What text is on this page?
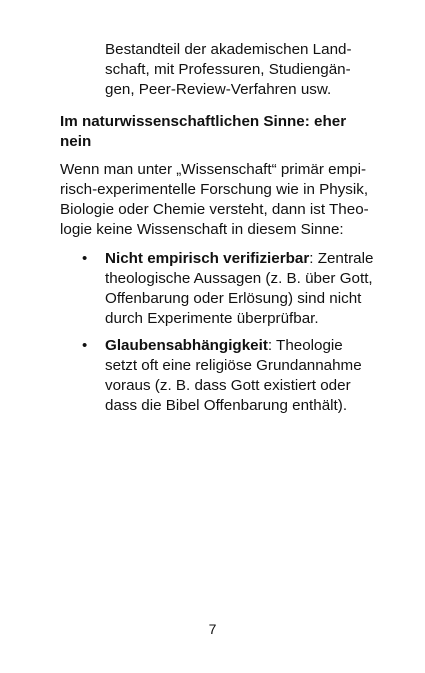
Bestandteil der akademischen Land-
schaft, mit Professuren, Studiengän-
gen, Peer-Review-Verfahren usw.
Im naturwissenschaftlichen Sinne: eher
nein
Wenn man unter „Wissenschaft“ primär empi-
risch-experimentelle Forschung wie in Physik,
Biologie oder Chemie versteht, dann ist Theo-
logie keine Wissenschaft in diesem Sinne:
• Nicht empirisch verifizierbar: Zentrale
theologische Aussagen (z. B. über Gott,
Offenbarung oder Erlösung) sind nicht
durch Experimente überprüfbar.
• Glaubensabhängigkeit: Theologie
setzt oft eine religiöse Grundannahme
voraus (z. B. dass Gott existiert oder
dass die Bibel Offenbarung enthält).
7
